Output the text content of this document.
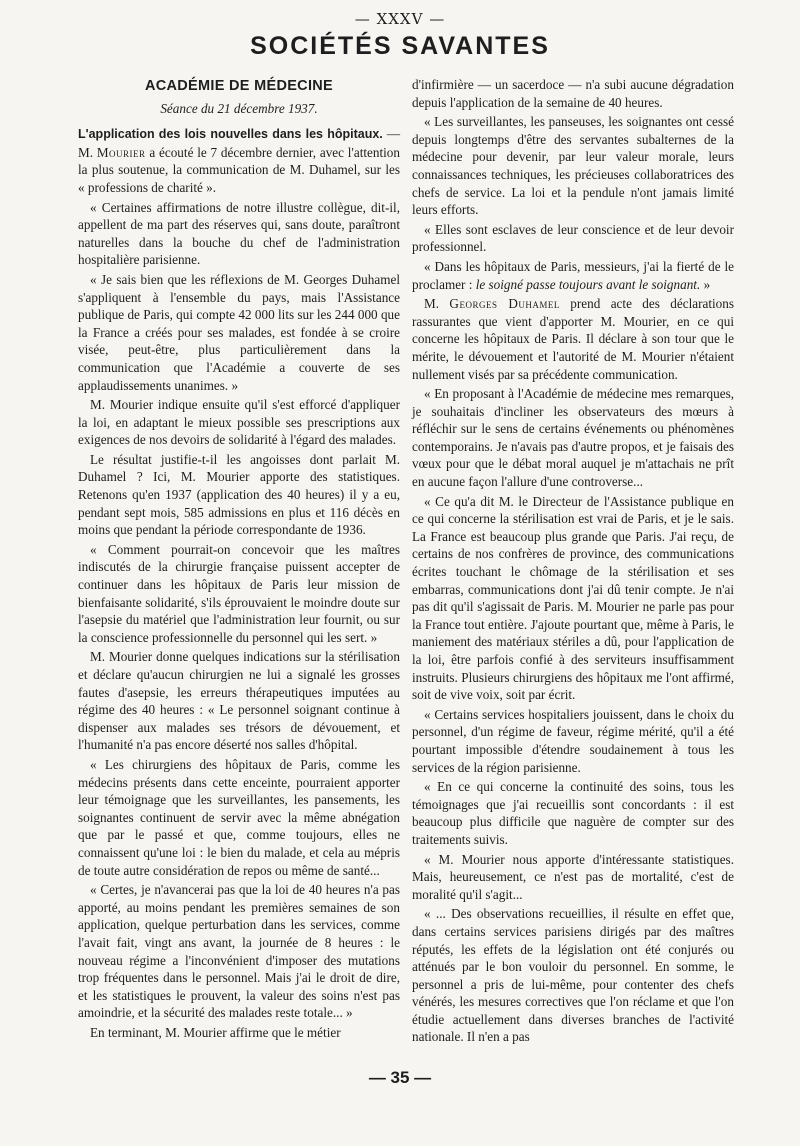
— XXXV —
SOCIÉTÉS SAVANTES
ACADÉMIE DE MÉDECINE
Séance du 21 décembre 1937.

L'application des lois nouvelles dans les hôpitaux. — M. Mourier a écouté le 7 décembre dernier, avec l'attention la plus soutenue, la communication de M. Duhamel, sur les « professions de charité ».

« Certaines affirmations de notre illustre collègue, dit-il, appellent de ma part des réserves qui, sans doute, paraîtront naturelles dans la bouche du chef de l'administration hospitalière parisienne.

« Je sais bien que les réflexions de M. Georges Duhamel s'appliquent à l'ensemble du pays, mais l'Assistance publique de Paris, qui compte 42 000 lits sur les 244 000 que la France a créés pour ses malades, est fondée à se croire visée, peut-être, plus particulièrement dans la communication que l'Académie a couverte de ses applaudissements unanimes. »

M. Mourier indique ensuite qu'il s'est efforcé d'appliquer la loi, en adaptant le mieux possible ses prescriptions aux exigences de nos devoirs de solidarité à l'égard des malades.

Le résultat justifie-t-il les angoisses dont parlait M. Duhamel ? Ici, M. Mourier apporte des statistiques. Retenons qu'en 1937 (application des 40 heures) il y a eu, pendant sept mois, 585 admissions en plus et 116 décès en moins que pendant la période correspondante de 1936.

« Comment pourrait-on concevoir que les maîtres indiscutés de la chirurgie française puissent accepter de continuer dans les hôpitaux de Paris leur mission de bienfaisante solidarité, s'ils éprouvaient le moindre doute sur l'asepsie du matériel que l'administration leur fournit, ou sur la conscience professionnelle du personnel qui les sert. »

M. Mourier donne quelques indications sur la stérilisation et déclare qu'aucun chirurgien ne lui a signalé les grosses fautes d'asepsie, les erreurs thérapeutiques imputées au régime des 40 heures : « Le personnel soignant continue à dispenser aux malades ses trésors de dévouement, et l'humanité n'a pas encore déserté nos salles d'hôpital.

« Les chirurgiens des hôpitaux de Paris, comme les médecins présents dans cette enceinte, pourraient apporter leur témoignage que les surveillantes, les pansements, les soignantes continuent de servir avec la même abnégation que par le passé et que, comme toujours, elles ne connaissent qu'une loi : le bien du malade, et cela au mépris de toute autre considération de repos ou même de santé...

« Certes, je n'avancerai pas que la loi de 40 heures n'a pas apporté, au moins pendant les premières semaines de son application, quelque perturbation dans les services, comme l'avait fait, vingt ans avant, la journée de 8 heures : le nouveau régime a l'inconvénient d'imposer des mutations trop fréquentes dans le personnel. Mais j'ai le droit de dire, et les statistiques le prouvent, la valeur des soins n'est pas amoindrie, et la sécurité des malades reste totale... »

En terminant, M. Mourier affirme que le métier

d'infirmière — un sacerdoce — n'a subi aucune dégradation depuis l'application de la semaine de 40 heures.

« Les surveillantes, les panseuses, les soignantes ont cessé depuis longtemps d'être des servantes subalternes de la médecine pour devenir, par leur valeur morale, leurs connaissances techniques, les précieuses collaboratrices des chefs de service. La loi et la pendule n'ont jamais limité leurs efforts.

« Elles sont esclaves de leur conscience et de leur devoir professionnel.

« Dans les hôpitaux de Paris, messieurs, j'ai la fierté de le proclamer : le soigné passe toujours avant le soignant. »

M. Georges Duhamel prend acte des déclarations rassurantes que vient d'apporter M. Mourier, en ce qui concerne les hôpitaux de Paris. Il déclare à son tour que le mérite, le dévouement et l'autorité de M. Mourier n'étaient nullement visés par sa précédente communication.

« En proposant à l'Académie de médecine mes remarques, je souhaitais d'incliner les observateurs des mœurs à réfléchir sur le sens de certains événements ou phénomènes contemporains. Je n'avais pas d'autre propos, et je faisais des vœux pour que le débat moral auquel je m'attachais ne prît en aucune façon l'allure d'une controverse...

« Ce qu'a dit M. le Directeur de l'Assistance publique en ce qui concerne la stérilisation est vrai de Paris, et je le sais. La France est beaucoup plus grande que Paris. J'ai reçu, de certains de nos confrères de province, des communications écrites touchant le chômage de la stérilisation et ses embarras, communications dont j'ai dû tenir compte. Je n'ai pas dit qu'il s'agissait de Paris. M. Mourier ne parle pas pour la France tout entière. J'ajoute pourtant que, même à Paris, le maniement des matériaux stériles a dû, pour l'application de la loi, être parfois confié à des serviteurs insuffisamment instruits. Plusieurs chirurgiens des hôpitaux me l'ont affirmé, soit de vive voix, soit par écrit.

« Certains services hospitaliers jouissent, dans le choix du personnel, d'un régime de faveur, régime mérité, qu'il a été pourtant impossible d'étendre soudainement à tous les services de la région parisienne.

« En ce qui concerne la continuité des soins, tous les témoignages que j'ai recueillis sont concordants : il est beaucoup plus difficile que naguère de compter sur des traitements suivis.

« M. Mourier nous apporte d'intéressante statistiques. Mais, heureusement, ce n'est pas de mortalité, c'est de moralité qu'il s'agit...

« ... Des observations recueillies, il résulte en effet que, dans certains services parisiens dirigés par des maîtres réputés, les effets de la législation ont été conjurés ou atténués par le bon vouloir du personnel. En somme, le personnel a pris de lui-même, pour contenter des chefs vénérés, les mesures correctives que l'on réclame et que l'on étudie actuellement dans diverses branches de l'activité nationale. Il n'en a pas

— 35 —
